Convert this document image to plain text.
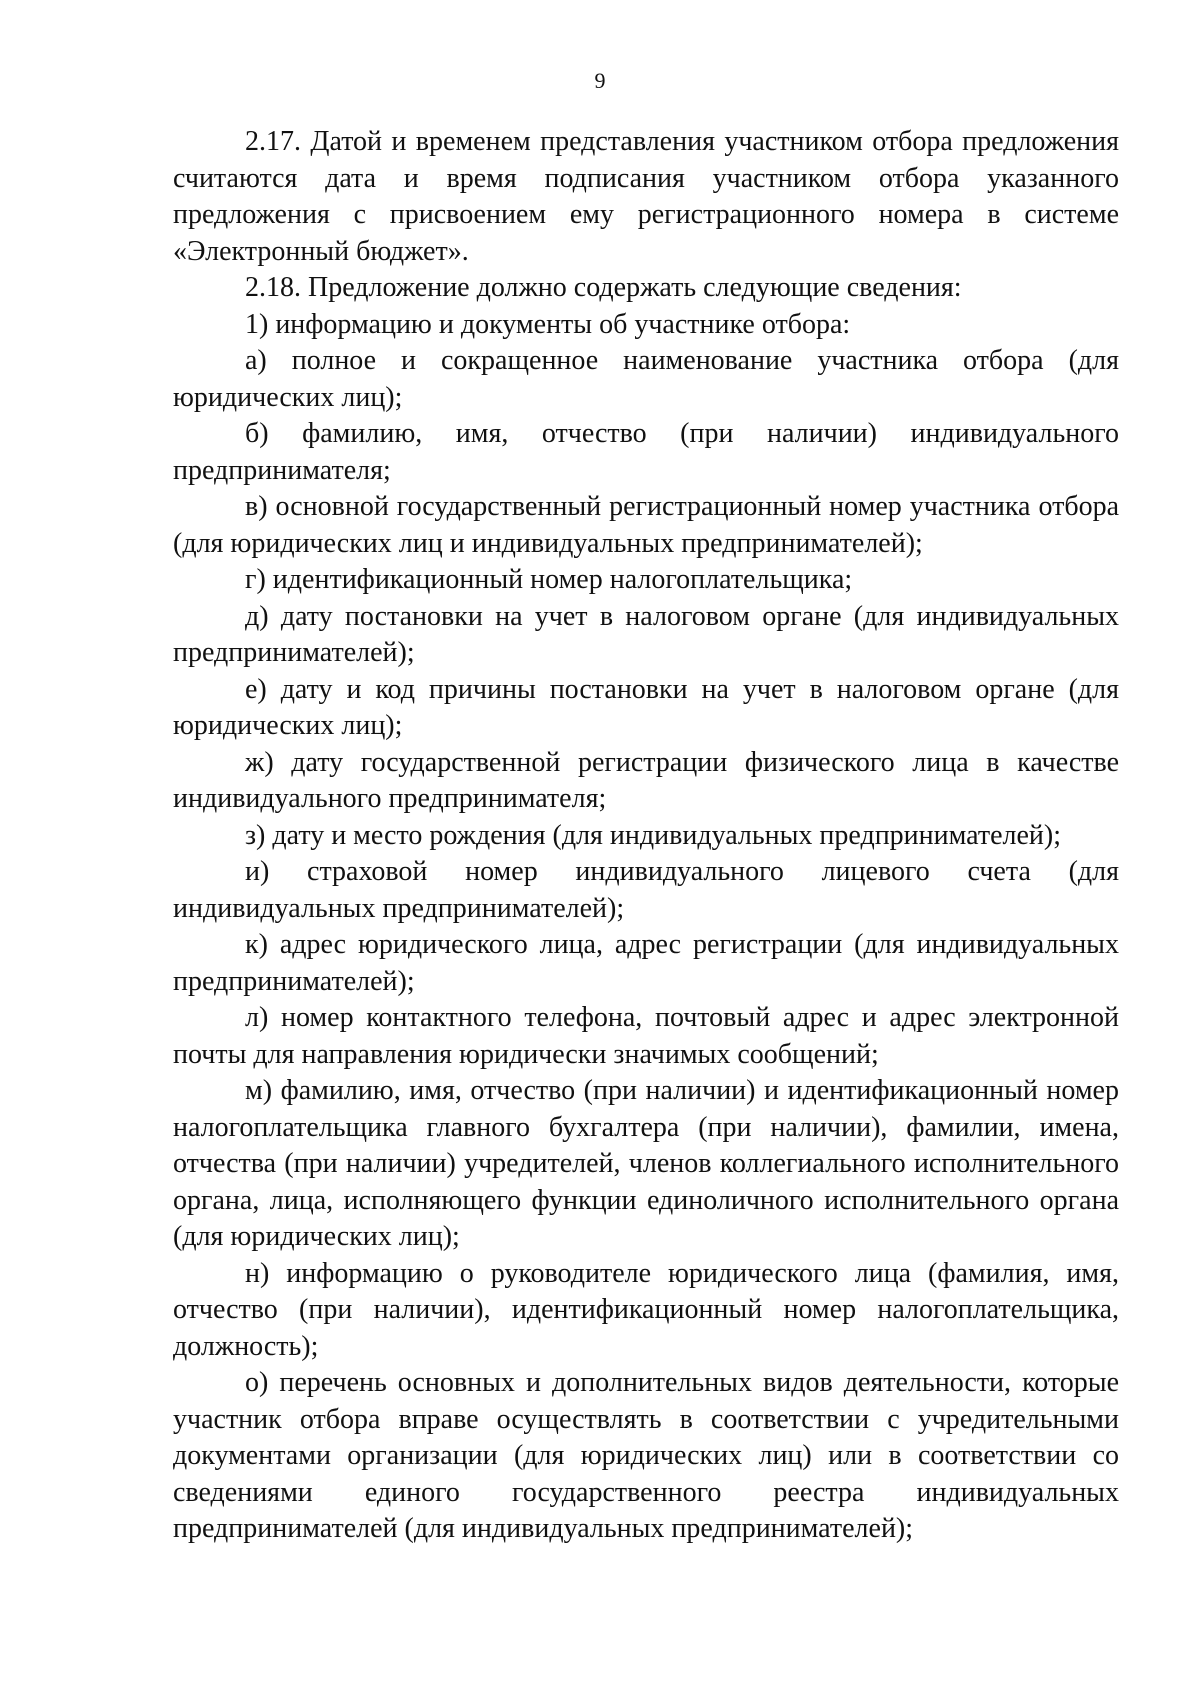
9

2.17. Датой и временем представления участником отбора предложения считаются дата и время подписания участником отбора указанного предложения с присвоением ему регистрационного номера в системе «Электронный бюджет».

2.18. Предложение должно содержать следующие сведения:

1) информацию и документы об участнике отбора:

а) полное и сокращенное наименование участника отбора (для юридических лиц);

б) фамилию, имя, отчество (при наличии) индивидуального предпринимателя;

в) основной государственный регистрационный номер участника отбора (для юридических лиц и индивидуальных предпринимателей);

г) идентификационный номер налогоплательщика;

д) дату постановки на учет в налоговом органе (для индивидуальных предпринимателей);

е) дату и код причины постановки на учет в налоговом органе (для юридических лиц);

ж) дату государственной регистрации физического лица в качестве индивидуального предпринимателя;

з) дату и место рождения (для индивидуальных предпринимателей);

и) страховой номер индивидуального лицевого счета (для индивидуальных предпринимателей);

к) адрес юридического лица, адрес регистрации (для индивидуальных предпринимателей);

л) номер контактного телефона, почтовый адрес и адрес электронной почты для направления юридически значимых сообщений;

м) фамилию, имя, отчество (при наличии) и идентификационный номер налогоплательщика главного бухгалтера (при наличии), фамилии, имена, отчества (при наличии) учредителей, членов коллегиального исполнительного органа, лица, исполняющего функции единоличного исполнительного органа (для юридических лиц);

н) информацию о руководителе юридического лица (фамилия, имя, отчество (при наличии), идентификационный номер налогоплательщика, должность);

о) перечень основных и дополнительных видов деятельности, которые участник отбора вправе осуществлять в соответствии с учредительными документами организации (для юридических лиц) или в соответствии со сведениями единого государственного реестра индивидуальных предпринимателей (для индивидуальных предпринимателей);
